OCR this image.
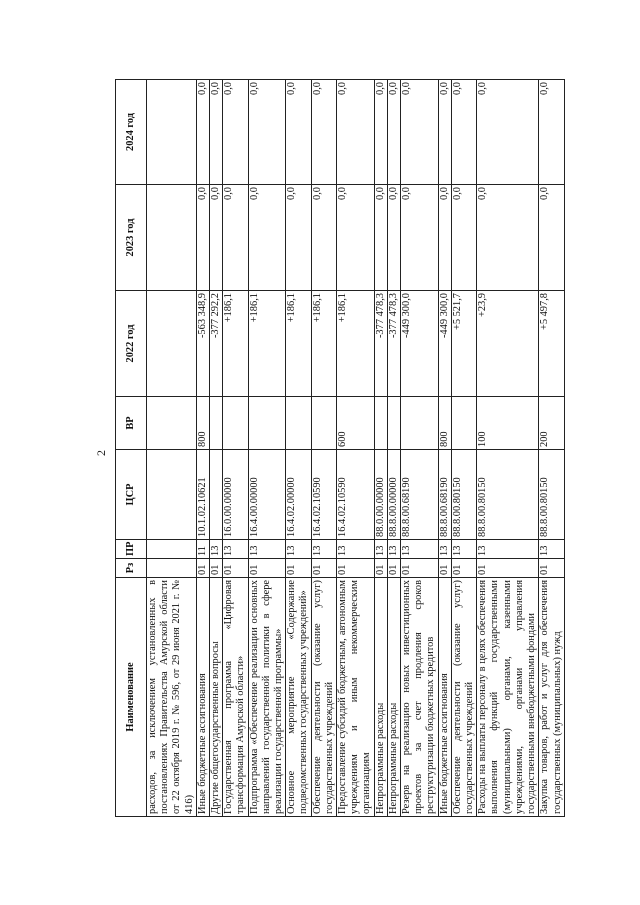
2
Наименование	Рз	ПР	ЦСР	ВР	2022 год	2023 год	2024 год
расходов, за исключением установленных в постановлениях Правительства Амурской области от 22 октября 2019 г. № 596, от 29 июня 2021 г. № 416)							
Иные бюджетные ассигнования	01	11	10.1.02.10621	800	-563 348,9	0,0	0,0
Другие общегосударственные вопросы	01	13			-377 292,2	0,0	0,0
Государственная программа «Цифровая трансформация Амурской области»	01	13	16.0.00.00000		+186,1	0,0	0,0
Подпрограмма «Обеспечение реализации основных направлений государственной политики в сфере реализации государственной программы»	01	13	16.4.00.00000		+186,1	0,0	0,0
Основное мероприятие «Содержание подведомственных государственных учреждений»	01	13	16.4.02.00000		+186,1	0,0	0,0
Обеспечение деятельности (оказание услуг) государственных учреждений	01	13	16.4.02.10590		+186,1	0,0	0,0
Предоставление субсидий бюджетным, автономным учреждениям и иным некоммерческим организациям	01	13	16.4.02.10590	600	+186,1	0,0	0,0
Непрограммные расходы	01	13	88.0.00.00000		-377 478,3	0,0	0,0
Непрограммные расходы	01	13	88.8.00.00000		-377 478,3	0,0	0,0
Резерв на реализацию новых инвестиционных проектов за счет продления сроков реструктуризации бюджетных кредитов	01	13	88.8.00.68190		-449 300,0	0,0	0,0
Иные бюджетные ассигнования	01	13	88.8.00.68190	800	-449 300,0	0,0	0,0
Обеспечение деятельности (оказание услуг) государственных учреждений	01	13	88.8.00.80150		+5 521,7	0,0	0,0
Расходы на выплаты персоналу в целях обеспечения выполнения функций государственными (муниципальными) органами, казенными учреждениями, органами управления государственными внебюджетными фондами	01	13	88.8.00.80150	100	+23,9	0,0	0,0
Закупка товаров, работ и услуг для обеспечения государственных (муниципальных) нужд	01	13	88.8.00.80150	200	+5 497,8	0,0	0,0
